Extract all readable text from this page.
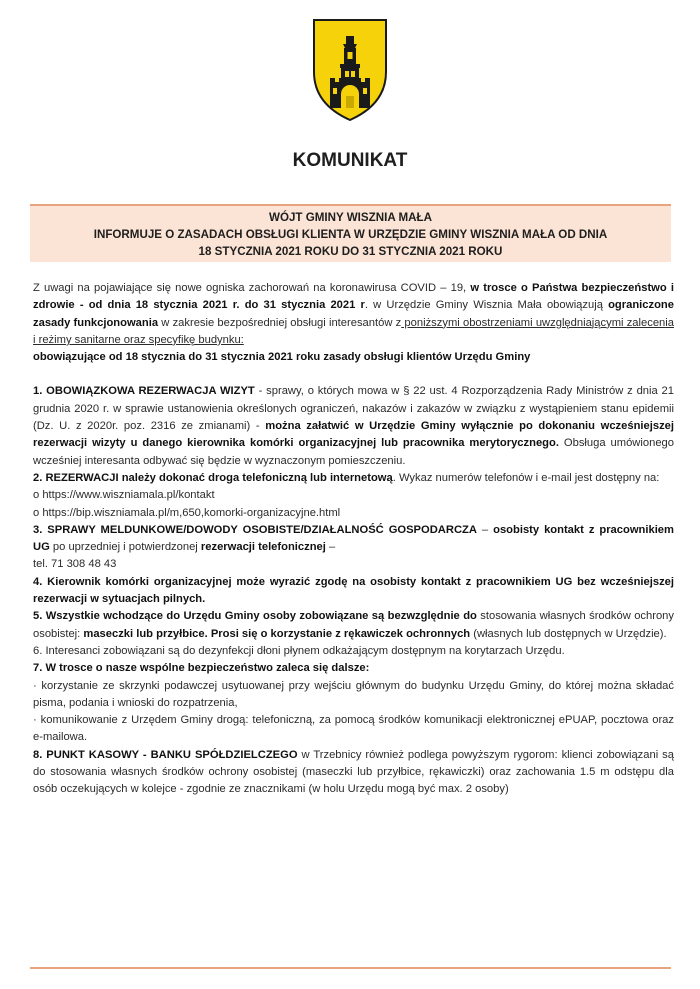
KOMUNIKAT
WÓJT GMINY WISZNIA MAŁA
INFORMUJE O ZASADACH OBSŁUGI KLIENTA W URZĘDZIE GMINY WISZNIA MAŁA OD DNIA
18 STYCZNIA 2021 ROKU DO 31 STYCZNIA 2021 ROKU

Z uwagi na pojawiające się nowe ogniska zachorowań na koronawirusa COVID – 19, w trosce o Państwa bezpieczeństwo i zdrowie - od dnia 18 stycznia 2021 r. do 31 stycznia 2021 r. w Urzędzie Gminy Wisznia Mała obowiązują ograniczone zasady funkcjonowania w zakresie bezpośredniej obsługi interesantów z poniższymi obostrzeniami uwzględniającymi zalecenia i reżimy sanitarne oraz specyfikę budynku:

obowiązujące od 18 stycznia do 31 stycznia 2021 roku zasady obsługi klientów Urzędu Gminy

1. OBOWIĄZKOWA REZERWACJA WIZYT - sprawy, o których mowa w § 22 ust. 4 Rozporządzenia Rady Ministrów z dnia 21 grudnia 2020 r. w sprawie ustanowienia określonych ograniczeń, nakazów i zakazów w związku z wystąpieniem stanu epidemii (Dz. U. z 2020r. poz. 2316 ze zmianami) - można załatwić w Urzędzie Gminy wyłącznie po dokonaniu wcześniejszej rezerwacji wizyty u danego kierownika komórki organizacyjnej lub pracownika merytorycznego. Obsługa umówionego wcześniej interesanta odbywać się będzie w wyznaczonym pomieszczeniu.

2. REZERWACJI należy dokonać droga telefoniczną lub internetową. Wykaz numerów telefonów i e-mail jest dostępny na:

o https://www.wiszniamala.pl/kontakt

o https://bip.wiszniamala.pl/m,650,komorki-organizacyjne.html

3. SPRAWY MELDUNKOWE/DOWODY OSOBISTE/DZIAŁALNOŚĆ GOSPODARCZA – osobisty kontakt z pracownikiem UG po uprzedniej i potwierdzonej rezerwacji telefonicznej –

tel. 71 308 48 43

4. Kierownik komórki organizacyjnej może wyrazić zgodę na osobisty kontakt z pracownikiem UG bez wcześniejszej rezerwacji w sytuacjach pilnych.

5. Wszystkie wchodzące do Urzędu Gminy osoby zobowiązane są bezwzględnie do stosowania własnych środków ochrony osobistej: maseczki lub przyłbice. Prosi się o korzystanie z rękawiczek ochronnych (własnych lub dostępnych w Urzędzie).

6. Interesanci zobowiązani są do dezynfekcji dłoni płynem odkażającym dostępnym na korytarzach Urzędu.

7. W trosce o nasze wspólne bezpieczeństwo zaleca się dalsze:

· korzystanie ze skrzynki podawczej usytuowanej przy wejściu głównym do budynku Urzędu Gminy, do której można składać pisma, podania i wnioski do rozpatrzenia,

· komunikowanie z Urzędem Gminy drogą: telefoniczną, za pomocą środków komunikacji elektronicznej ePUAP, pocztowa oraz e-mailowa.

8. PUNKT KASOWY - BANKU SPÓŁDZIELCZEGO w Trzebnicy również podlega powyższym rygorom: klienci zobowiązani są do stosowania własnych środków ochrony osobistej (maseczki lub przyłbice, rękawiczki) oraz zachowania 1.5 m odstępu dla osób oczekujących w kolejce - zgodnie ze znacznikami (w holu Urzędu mogą być max. 2 osoby)
